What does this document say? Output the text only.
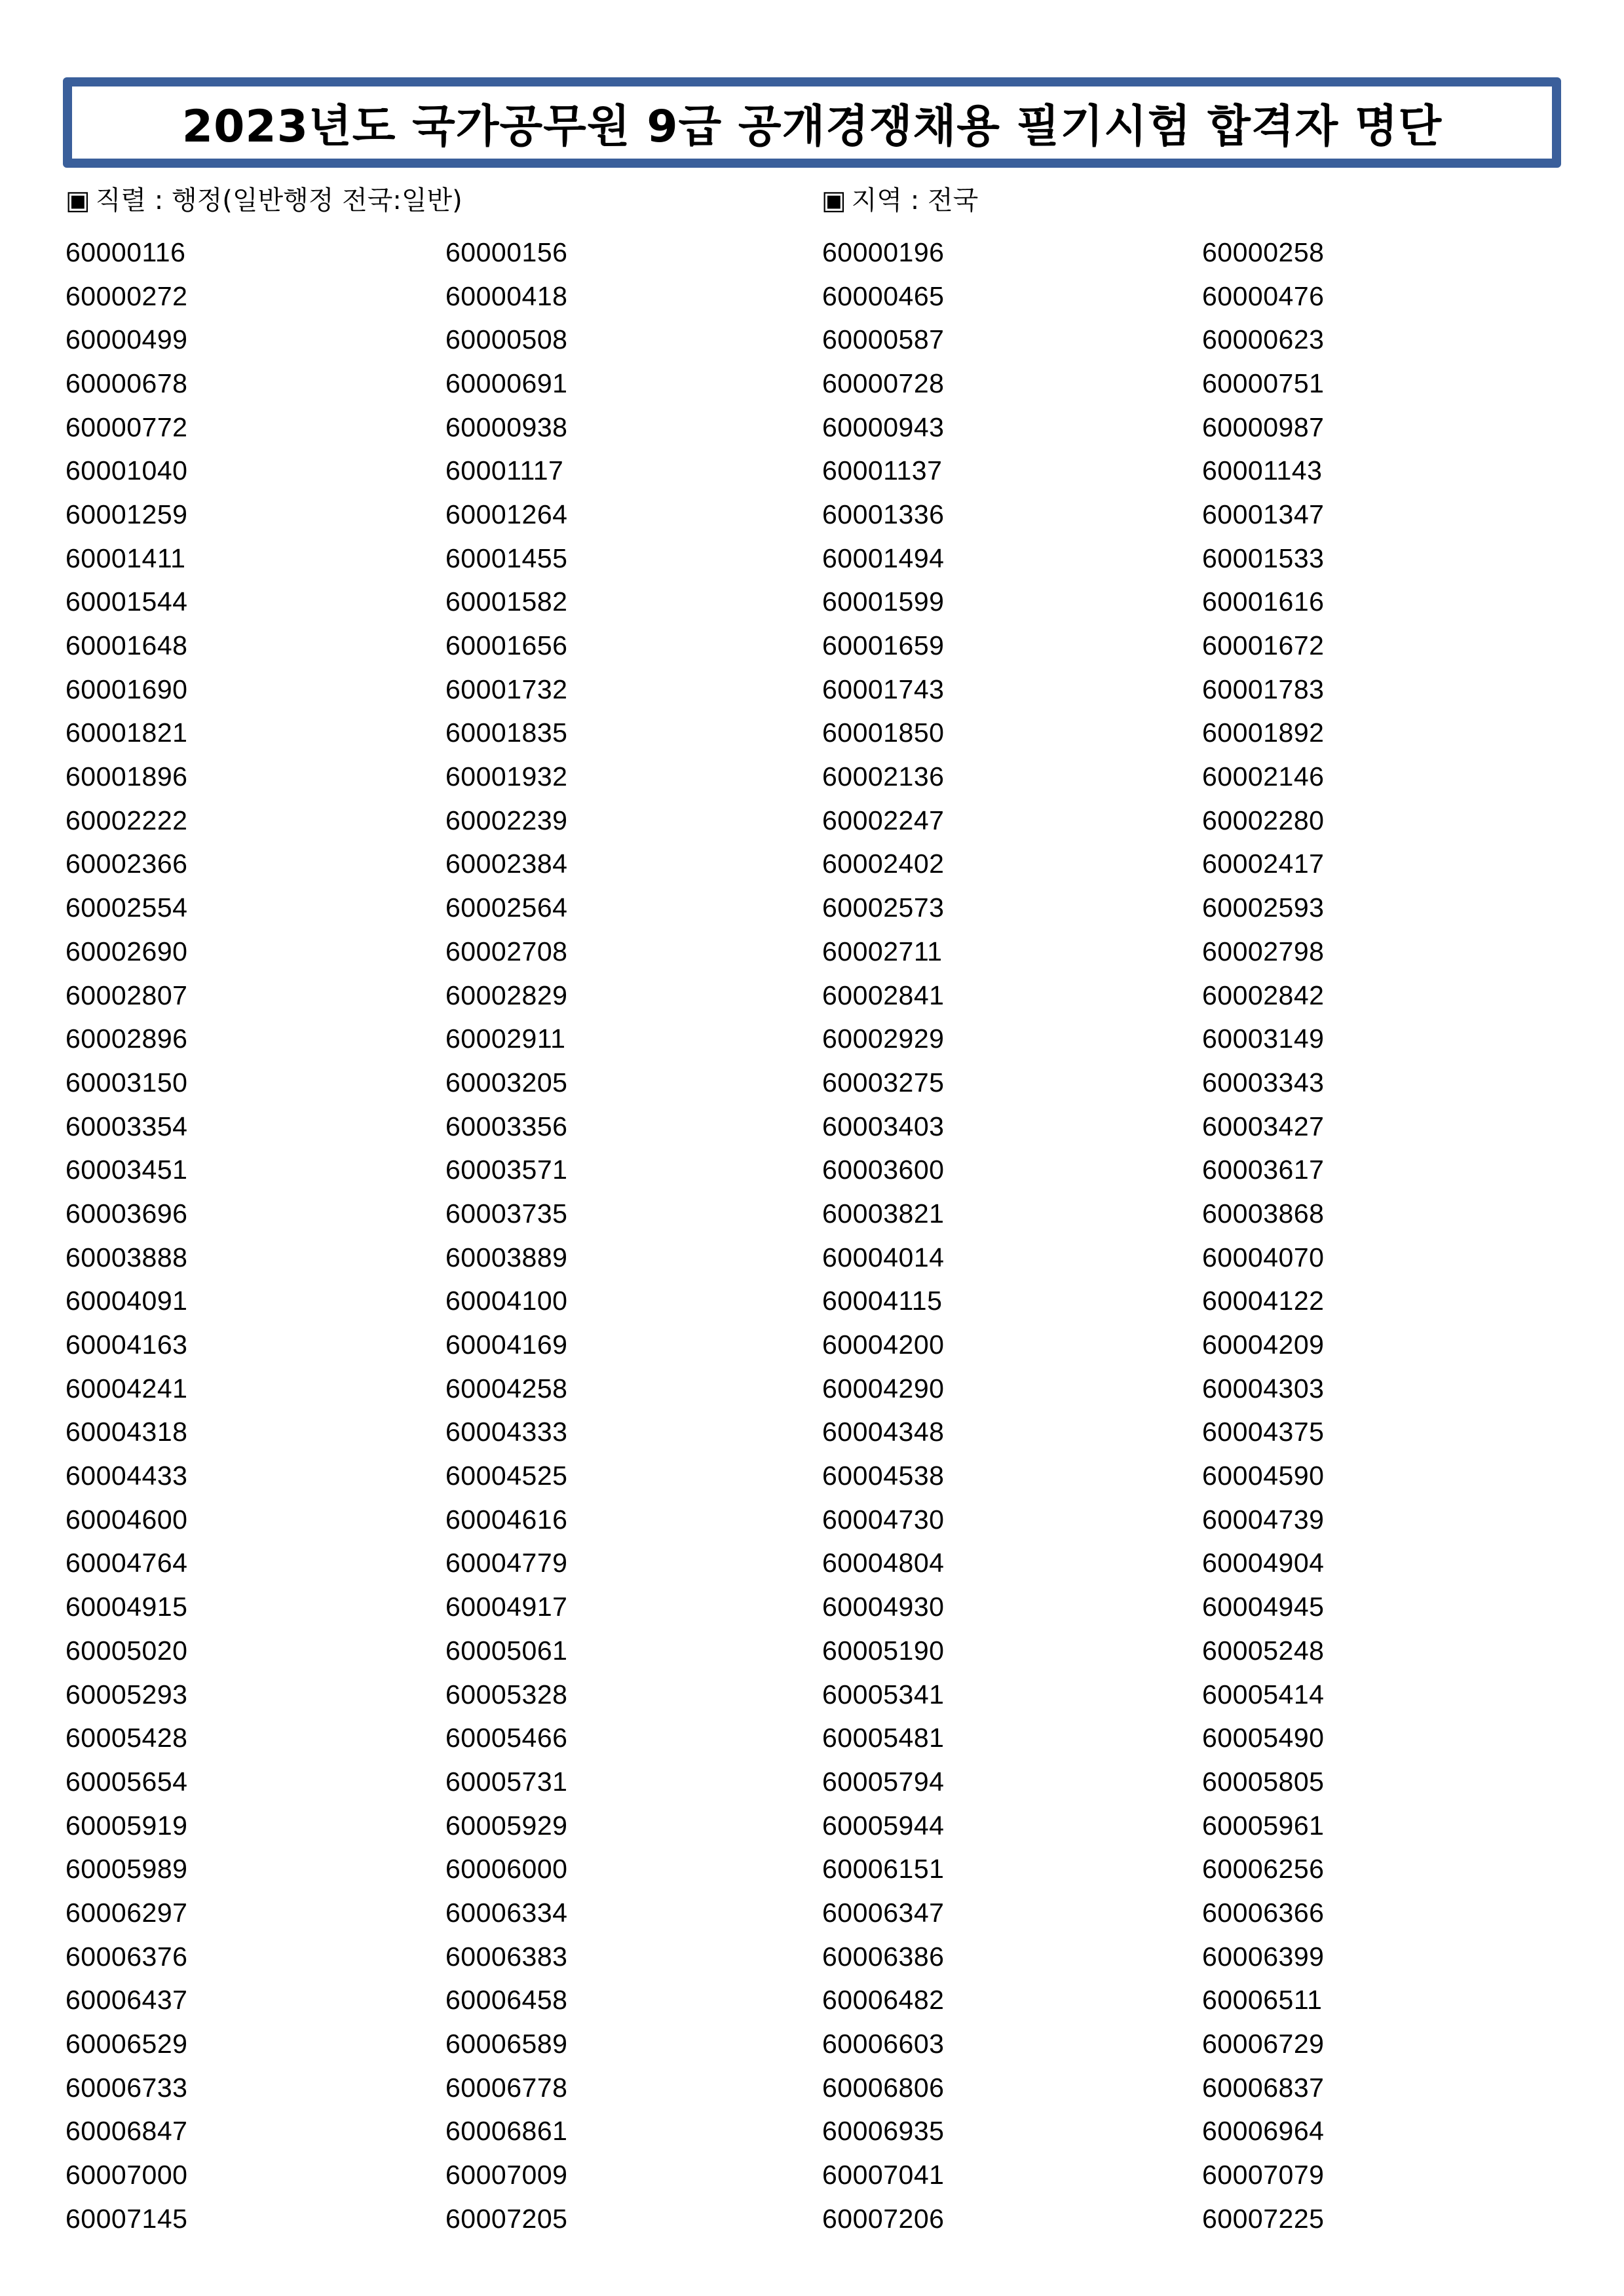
2023년도 국가공무원 9급 공개경쟁채용 필기시험 합격자 명단
▣ 직렬 : 행정(일반행정 전국:일반)	▣ 지역 : 전국
60000116	60000156	60000196	60000258
60000272	60000418	60000465	60000476
60000499	60000508	60000587	60000623
60000678	60000691	60000728	60000751
60000772	60000938	60000943	60000987
60001040	60001117	60001137	60001143
60001259	60001264	60001336	60001347
60001411	60001455	60001494	60001533
60001544	60001582	60001599	60001616
60001648	60001656	60001659	60001672
60001690	60001732	60001743	60001783
60001821	60001835	60001850	60001892
60001896	60001932	60002136	60002146
60002222	60002239	60002247	60002280
60002366	60002384	60002402	60002417
60002554	60002564	60002573	60002593
60002690	60002708	60002711	60002798
60002807	60002829	60002841	60002842
60002896	60002911	60002929	60003149
60003150	60003205	60003275	60003343
60003354	60003356	60003403	60003427
60003451	60003571	60003600	60003617
60003696	60003735	60003821	60003868
60003888	60003889	60004014	60004070
60004091	60004100	60004115	60004122
60004163	60004169	60004200	60004209
60004241	60004258	60004290	60004303
60004318	60004333	60004348	60004375
60004433	60004525	60004538	60004590
60004600	60004616	60004730	60004739
60004764	60004779	60004804	60004904
60004915	60004917	60004930	60004945
60005020	60005061	60005190	60005248
60005293	60005328	60005341	60005414
60005428	60005466	60005481	60005490
60005654	60005731	60005794	60005805
60005919	60005929	60005944	60005961
60005989	60006000	60006151	60006256
60006297	60006334	60006347	60006366
60006376	60006383	60006386	60006399
60006437	60006458	60006482	60006511
60006529	60006589	60006603	60006729
60006733	60006778	60006806	60006837
60006847	60006861	60006935	60006964
60007000	60007009	60007041	60007079
60007145	60007205	60007206	60007225
